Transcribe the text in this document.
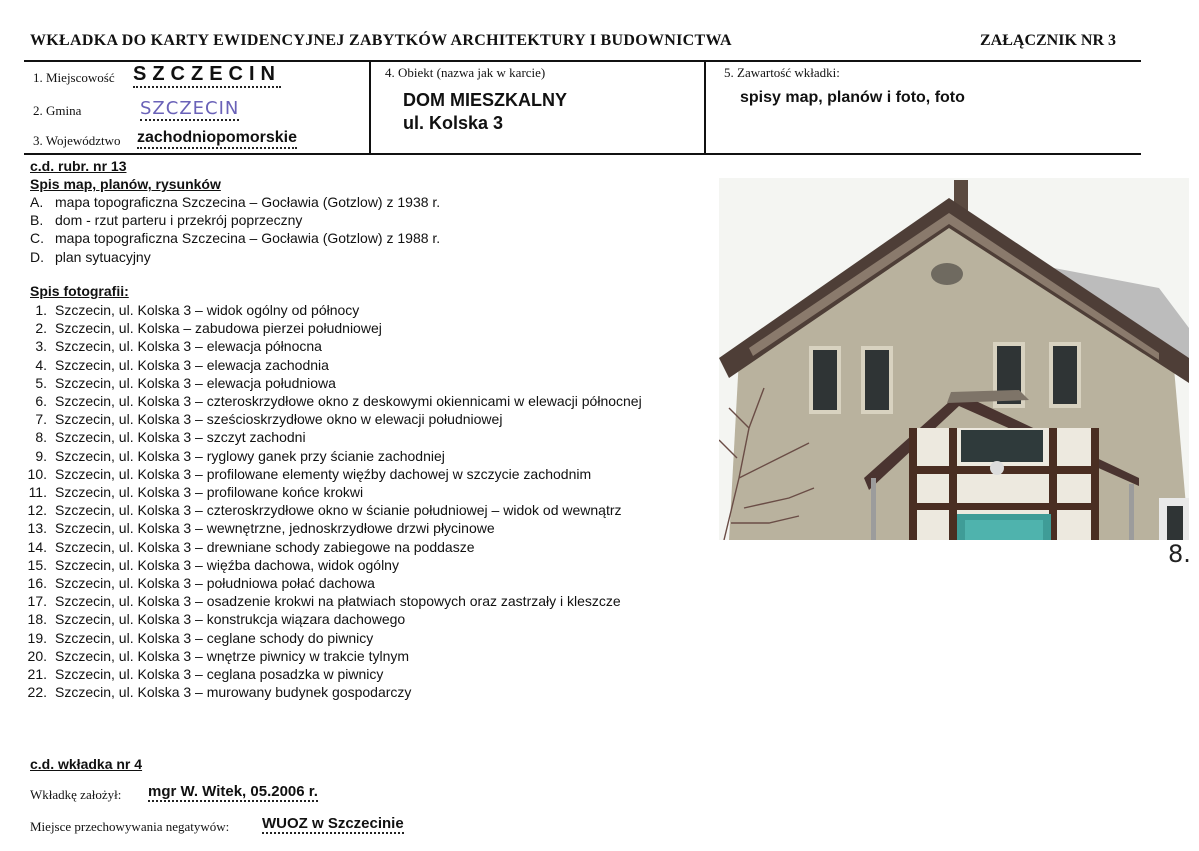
WKŁADKA DO KARTY EWIDENCYJNEJ ZABYTKÓW ARCHITEKTURY I BUDOWNICTWA	ZAŁĄCZNIK NR 3
1. Miejscowość SZCZECIN
2. Gmina	SZCZECIN
3. Województwo zachodniopomorskie
4. Obiekt (nazwa jak w karcie)
DOM MIESZKALNY
ul. Kolska 3
5. Zawartość wkładki:
spisy map, planów i foto, foto
c.d. rubr. nr 13
Spis map, planów, rysunków
A. mapa topograficzna Szczecina – Gocławia (Gotzlow) z 1938 r.
B. dom - rzut parteru i przekrój poprzeczny
C. mapa topograficzna Szczecina – Gocławia (Gotzlow) z 1988 r.
D. plan sytuacyjny
Spis fotografii:
1. Szczecin, ul. Kolska 3 – widok ogólny od północy
2. Szczecin, ul. Kolska – zabudowa pierzei południowej
3. Szczecin, ul. Kolska 3 – elewacja północna
4. Szczecin, ul. Kolska 3 – elewacja zachodnia
5. Szczecin, ul. Kolska 3 – elewacja południowa
6. Szczecin, ul. Kolska 3 – czteroskrzydłowe okno z deskowymi okiennicami w elewacji północnej
7. Szczecin, ul. Kolska 3 – sześcioskrzydłowe okno w elewacji południowej
8. Szczecin, ul. Kolska 3 – szczyt zachodni
9. Szczecin, ul. Kolska 3 – ryglowy ganek przy ścianie zachodniej
10. Szczecin, ul. Kolska 3 – profilowane elementy więźby dachowej w szczycie zachodnim
11. Szczecin, ul. Kolska 3 – profilowane końce krokwi
12. Szczecin, ul. Kolska 3 – czteroskrzydłowe okno w ścianie południowej – widok od wewnątrz
13. Szczecin, ul. Kolska 3 – wewnętrzne, jednoskrzydłowe drzwi płycinowe
14. Szczecin, ul. Kolska 3 – drewniane schody zabiegowe na poddasze
15. Szczecin, ul. Kolska 3 – więźba dachowa, widok ogólny
16. Szczecin, ul. Kolska 3 – południowa połać dachowa
17. Szczecin, ul. Kolska 3 – osadzenie krokwi na płatwiach stopowych oraz zastrzały i kleszcze
18. Szczecin, ul. Kolska 3 – konstrukcja wiązara dachowego
19. Szczecin, ul. Kolska 3 – ceglane schody do piwnicy
20. Szczecin, ul. Kolska 3 – wnętrze piwnicy w trakcie tylnym
21. Szczecin, ul. Kolska 3 – ceglana posadzka w piwnicy
22. Szczecin, ul. Kolska 3 – murowany budynek gospodarczy
8.
c.d. wkładka nr 4
Wkładkę założył: mgr W. Witek, 05.2006 r.
Miejsce przechowywania negatywów: WUOZ w Szczecinie
